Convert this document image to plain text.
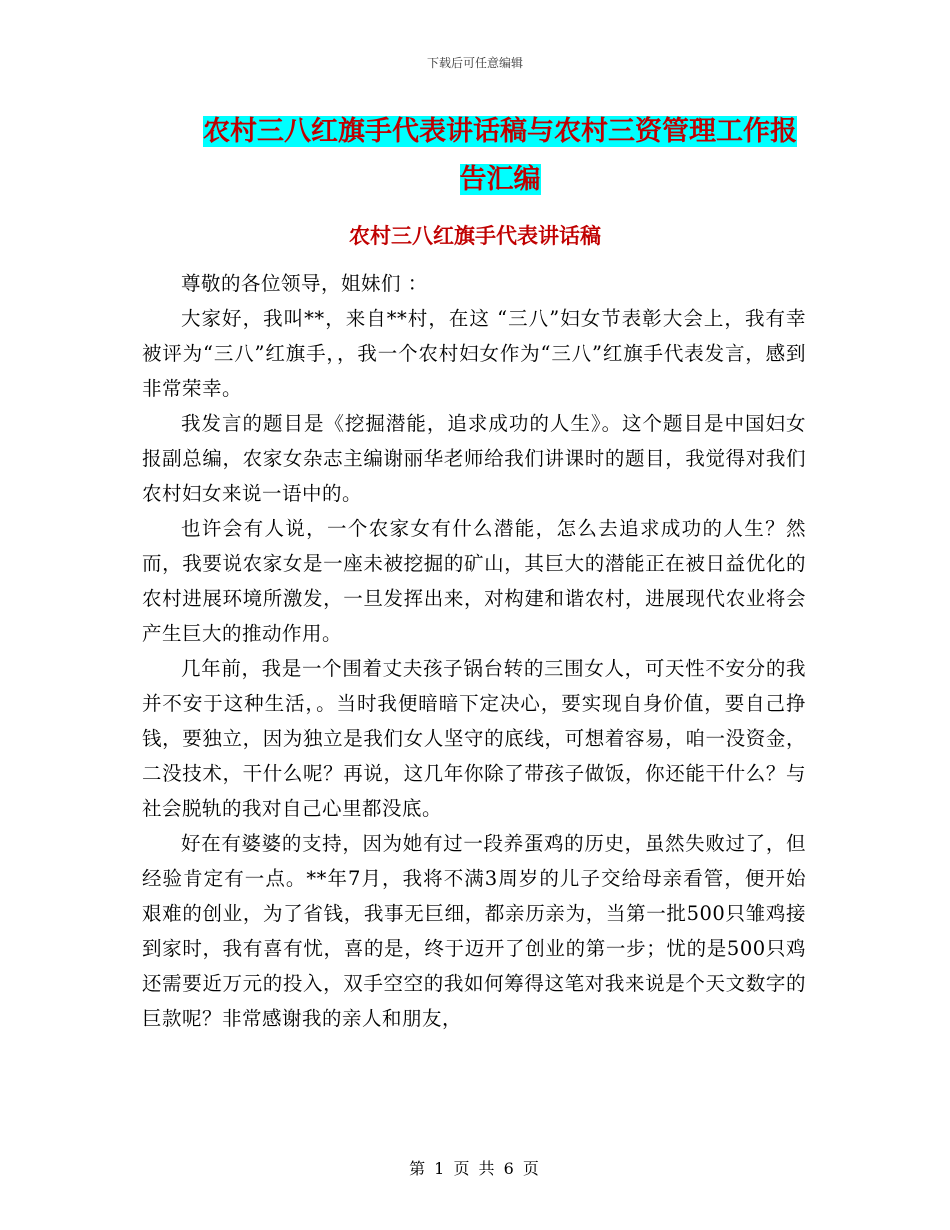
下载后可任意编辑
农村三八红旗手代表讲话稿与农村三资管理工作报告汇编
农村三八红旗手代表讲话稿

尊敬的各位领导，姐妹们 ：

大家好，我叫**，来自**村，在这 “三八”妇女节表彰大会上，我有幸被评为“三八”红旗手，，我一个农村妇女作为“三八”红旗手代表发言，感到非常荣幸。

我发言的题目是《挖掘潜能，追求成功的人生》。这个题目是中国妇女报副总编，农家女杂志主编谢丽华老师给我们讲课时的题目，我觉得对我们农村妇女来说一语中的。

也许会有人说，一个农家女有什么潜能，怎么去追求成功的人生？然而，我要说农家女是一座未被挖掘的矿山，其巨大的潜能正在被日益优化的农村进展环境所激发，一旦发挥出来，对构建和谐农村，进展现代农业将会产生巨大的推动作用。

几年前，我是一个围着丈夫孩子锅台转的三围女人，可天性不安分的我并不安于这种生活，。当时我便暗暗下定决心，要实现自身价值，要自己挣钱，要独立，因为独立是我们女人坚守的底线，可想着容易，咱一没资金，二没技术，干什么呢？再说，这几年你除了带孩子做饭，你还能干什么？与社会脱轨的我对自己心里都没底。

好在有婆婆的支持，因为她有过一段养蛋鸡的历史，虽然失败过了，但经验肯定有一点。**年7月，我将不满3周岁的儿子交给母亲看管，便开始艰难的创业，为了省钱，我事无巨细，都亲历亲为，当第一批500只雏鸡接到家时，我有喜有忧，喜的是，终于迈开了创业的第一步；忧的是500只鸡还需要近万元的投入，双手空空的我如何筹得这笔对我来说是个天文数字的巨款呢？非常感谢我的亲人和朋友，

第 1 页 共 6 页
